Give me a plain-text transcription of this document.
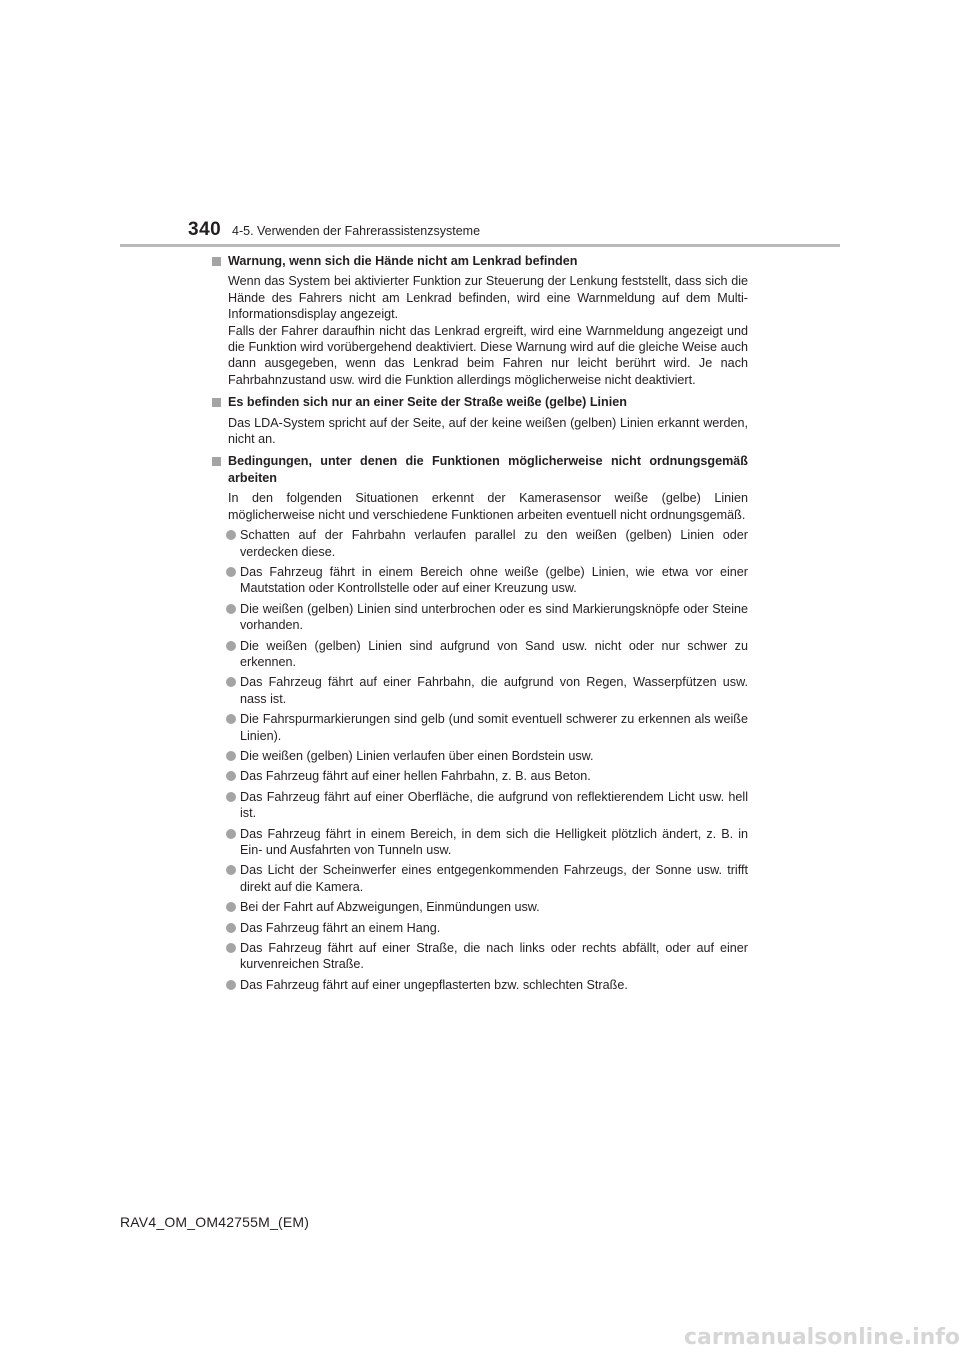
340 4-5. Verwenden der Fahrerassistenzsysteme
Warnung, wenn sich die Hände nicht am Lenkrad befinden
Wenn das System bei aktivierter Funktion zur Steuerung der Lenkung feststellt, dass sich die Hände des Fahrers nicht am Lenkrad befinden, wird eine Warnmeldung auf dem Multi-Informationsdisplay angezeigt.
Falls der Fahrer daraufhin nicht das Lenkrad ergreift, wird eine Warnmeldung angezeigt und die Funktion wird vorübergehend deaktiviert. Diese Warnung wird auf die gleiche Weise auch dann ausgegeben, wenn das Lenkrad beim Fahren nur leicht berührt wird. Je nach Fahrbahnzustand usw. wird die Funktion allerdings möglicherweise nicht deaktiviert.
Es befinden sich nur an einer Seite der Straße weiße (gelbe) Linien
Das LDA-System spricht auf der Seite, auf der keine weißen (gelben) Linien erkannt werden, nicht an.
Bedingungen, unter denen die Funktionen möglicherweise nicht ordnungsgemäß arbeiten
In den folgenden Situationen erkennt der Kamerasensor weiße (gelbe) Linien möglicherweise nicht und verschiedene Funktionen arbeiten eventuell nicht ordnungsgemäß.
Schatten auf der Fahrbahn verlaufen parallel zu den weißen (gelben) Linien oder verdecken diese.
Das Fahrzeug fährt in einem Bereich ohne weiße (gelbe) Linien, wie etwa vor einer Mautstation oder Kontrollstelle oder auf einer Kreuzung usw.
Die weißen (gelben) Linien sind unterbrochen oder es sind Markierungsknöpfe oder Steine vorhanden.
Die weißen (gelben) Linien sind aufgrund von Sand usw. nicht oder nur schwer zu erkennen.
Das Fahrzeug fährt auf einer Fahrbahn, die aufgrund von Regen, Wasserpfützen usw. nass ist.
Die Fahrspurmarkierungen sind gelb (und somit eventuell schwerer zu erkennen als weiße Linien).
Die weißen (gelben) Linien verlaufen über einen Bordstein usw.
Das Fahrzeug fährt auf einer hellen Fahrbahn, z. B. aus Beton.
Das Fahrzeug fährt auf einer Oberfläche, die aufgrund von reflektierendem Licht usw. hell ist.
Das Fahrzeug fährt in einem Bereich, in dem sich die Helligkeit plötzlich ändert, z. B. in Ein- und Ausfahrten von Tunneln usw.
Das Licht der Scheinwerfer eines entgegenkommenden Fahrzeugs, der Sonne usw. trifft direkt auf die Kamera.
Bei der Fahrt auf Abzweigungen, Einmündungen usw.
Das Fahrzeug fährt an einem Hang.
Das Fahrzeug fährt auf einer Straße, die nach links oder rechts abfällt, oder auf einer kurvenreichen Straße.
Das Fahrzeug fährt auf einer ungepflasterten bzw. schlechten Straße.
RAV4_OM_OM42755M_(EM)
carmanualsonline.info
